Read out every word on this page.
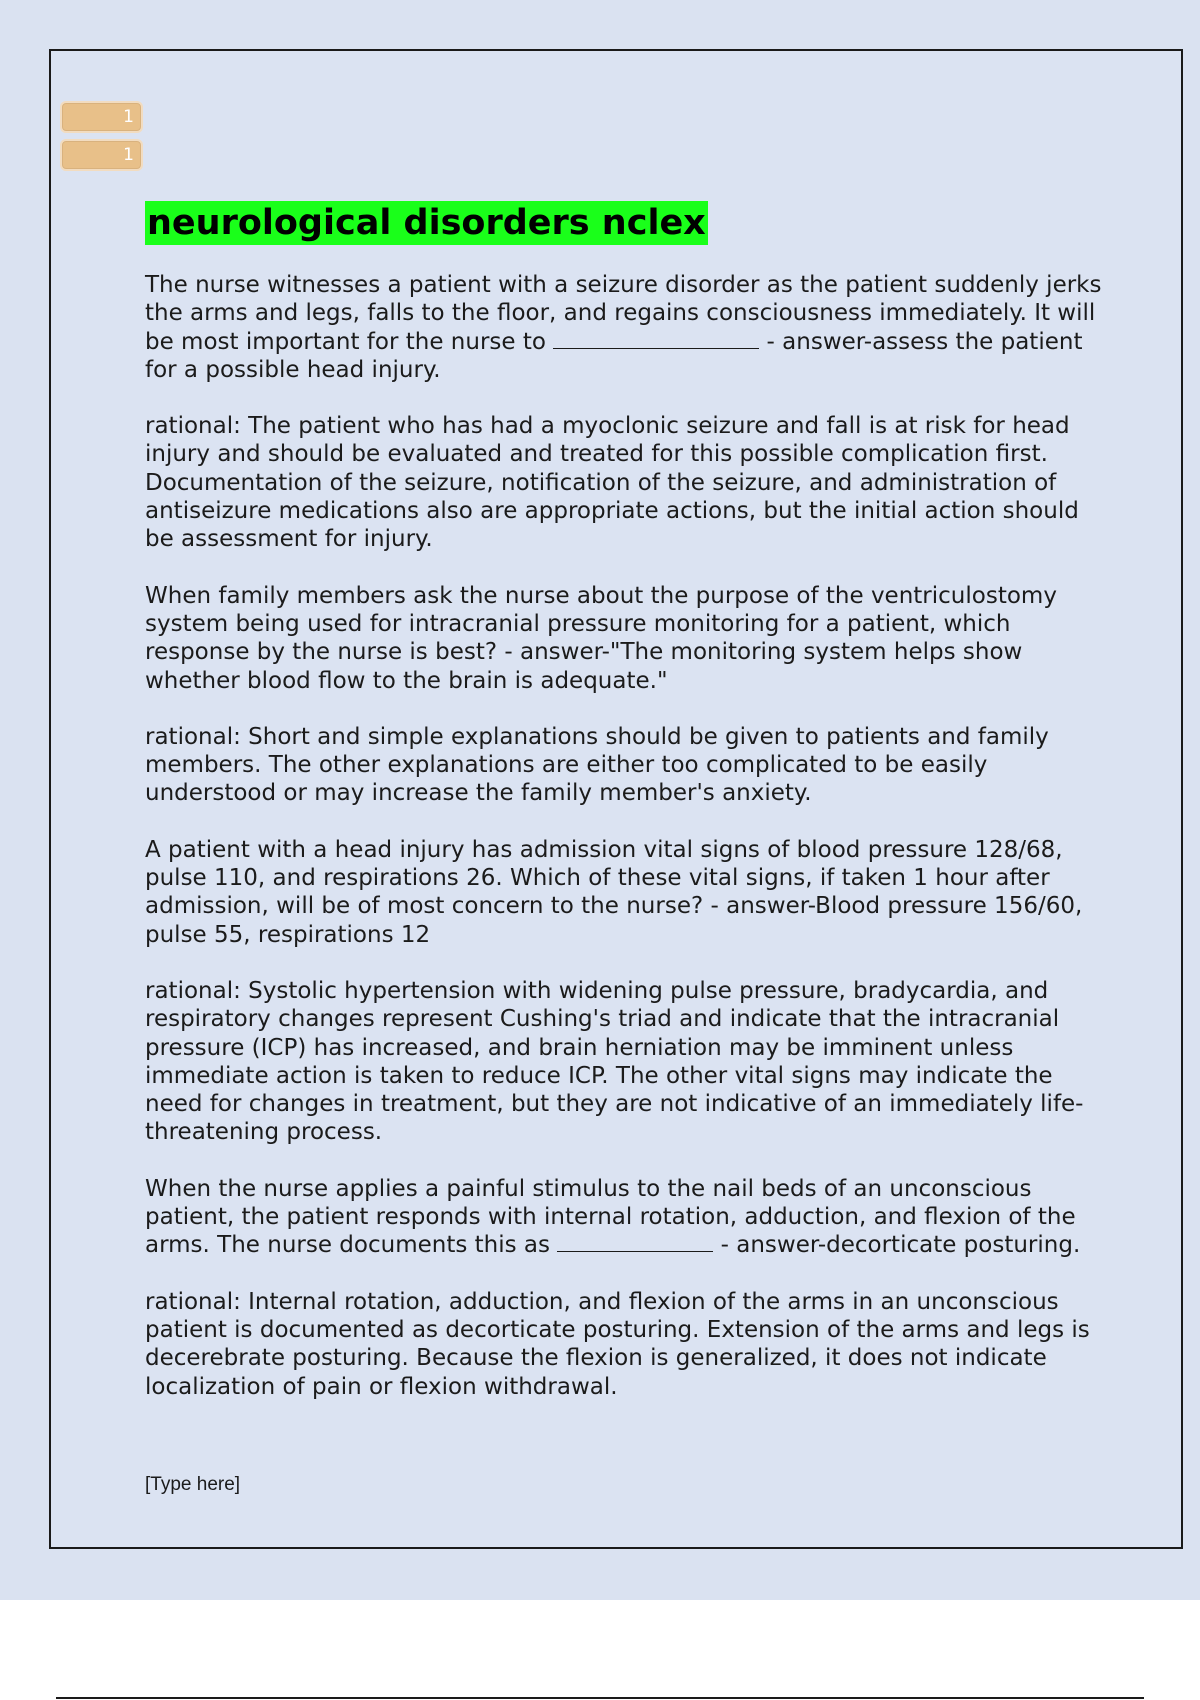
1
1
neurological disorders nclex

The nurse witnesses a patient with a seizure disorder as the patient suddenly jerks the arms and legs, falls to the floor, and regains consciousness immediately. It will be most important for the nurse to	- answer-assess the patient for a possible head injury.

rational: The patient who has had a myoclonic seizure and fall is at risk for head injury and should be evaluated and treated for this possible complication first. Documentation of the seizure, notification of the seizure, and administration of antiseizure medications also are appropriate actions, but the initial action should be assessment for injury.

When family members ask the nurse about the purpose of the ventriculostomy system being used for intracranial pressure monitoring for a patient, which response by the nurse is best? - answer-"The monitoring system helps show whether blood flow to the brain is adequate."

rational: Short and simple explanations should be given to patients and family members. The other explanations are either too complicated to be easily understood or may increase the family member's anxiety.

A patient with a head injury has admission vital signs of blood pressure 128/68, pulse 110, and respirations 26. Which of these vital signs, if taken 1 hour after admission, will be of most concern to the nurse? - answer-Blood pressure 156/60, pulse 55, respirations 12

rational: Systolic hypertension with widening pulse pressure, bradycardia, and respiratory changes represent Cushing's triad and indicate that the intracranial pressure (ICP) has increased, and brain herniation may be imminent unless immediate action is taken to reduce ICP. The other vital signs may indicate the need for changes in treatment, but they are not indicative of an immediately life-threatening process.

When the nurse applies a painful stimulus to the nail beds of an unconscious patient, the patient responds with internal rotation, adduction, and flexion of the arms. The nurse documents this as	- answer-decorticate posturing.

rational: Internal rotation, adduction, and flexion of the arms in an unconscious patient is documented as decorticate posturing. Extension of the arms and legs is decerebrate posturing. Because the flexion is generalized, it does not indicate localization of pain or flexion withdrawal.

[Type here]
